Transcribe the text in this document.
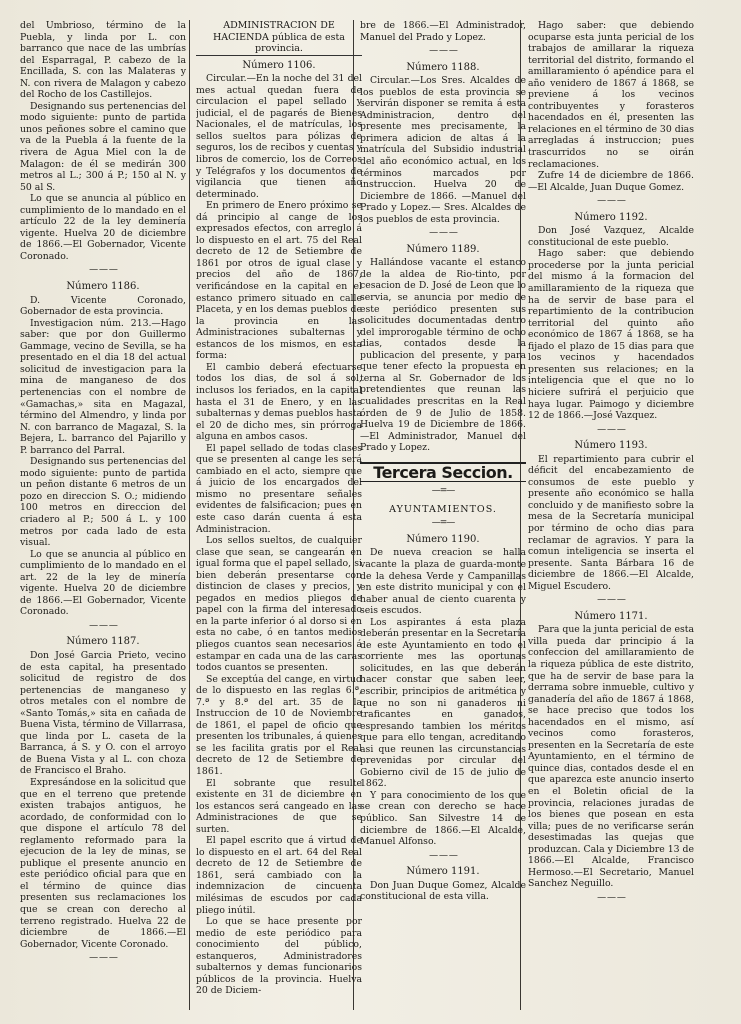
del Umbrioso, término de la Puebla, y linda por L. con barranco que nace de las umbrías del Esparragal, P. cabezo de la Encillada, S. con las Malateras y N. con rivera de Malagon y cabezo del Rocho de los Castillejos.

Designando sus pertenencias del modo siguiente: punto de partida unos peñones sobre el camino que va de la Puebla á la fuente de la rivera de Agua Miel con la de Malagon: de él se medirán 300 metros al L.; 300 á P.; 150 al N. y 50 al S.

Lo que se anuncia al público en cumplimiento de lo mandado en el artículo 22 de la ley deminería vigente. Huelva 20 de diciembre de 1866.—El Gobernador, Vicente Coronado.

— — —
Número 1186.

D. Vicente Coronado, Gobernador de esta provincia.

Investigacion núm. 213.—Hago saber: que por don Guillermo Gammage, vecino de Sevilla, se ha presentado en el dia 18 del actual solicitud de investigacion para la mina de manganeso de dos pertenencias con el nombre de «Gamachas,» sita en Magazal, término del Almendro, y linda por N. con barranco de Magazal, S. la Bejera, L. barranco del Pajarillo y P. barranco del Parral.

Designando sus pertenencias del modo siguiente: punto de partida un peñon distante 6 metros de un pozo en direccion S. O.; midiendo 100 metros en direccion del criadero al P.; 500 á L. y 100 metros por cada lado de esta visual.

Lo que se anuncia al público en cumplimiento de lo mandado en el art. 22 de la ley de minería vigente. Huelva 20 de diciembre de 1866.—El Gobernador, Vicente Coronado.

— — —
Número 1187.

Don José Garcia Prieto, vecino de esta capital, ha presentado solicitud de registro de dos pertenencias de manganeso y otros metales con el nombre de «Santo Tomás,» sita en cañada de Buena Vista, término de Villarrasa, que linda por L. caseta de la Barranca, á S. y O. con el arroyo de Buena Vista y al L. con choza de Francisco el Braho.

Expresándose en la solicitud que que en el terreno que pretende existen trabajos antiguos, he acordado, de conformidad con lo que dispone el artículo 78 del reglamento reformado para la ejecucion de la ley de minas, se publique el presente anuncio en este periódico oficial para que en el término de quince dias presenten sus reclamaciones los que se crean con derecho al terreno registrado. Huelva 22 de diciembre de 1866.—El Gobernador, Vicente Coronado.

— — —
ADMINISTRACION DE HACIENDA pública de esta provincia.
Número 1106.

Circular.—En la noche del 31 del mes actual quedan fuera de circulacion el papel sellado y judicial, el de pagarés de Bienes Nacionales, el de matrículas, los sellos sueltos para pólizas de seguros, los de recibos y cuentas y libros de comercio, los de Correos y Telégrafos y los documentos de vigilancia que tienen año determinado.

En primero de Enero próximo se dá principio al cange de los expresados efectos, con arreglo á lo dispuesto en el art. 75 del Real decreto de 12 de Setiembre de 1861 por otros de igual clase y precios del año de 1867, verificándose en la capital en el estanco primero situado en calle Placeta, y en los demas pueblos de la provincia en las Administraciones subalternas y estancos de los mismos, en esta forma:

El cambio deberá efectuarse todos los dias, de sol á sol, inclusos los feriados, en la capital hasta el 31 de Enero, y en las subalternas y demas pueblos hasta el 20 de dicho mes, sin prórroga alguna en ambos casos.

El papel sellado de todas clases que se presenten al cange les será cambiado en el acto, siempre que á juicio de los encargados del mismo no presentare señales evidentes de falsificacion; pues en este caso darán cuenta á esta Administracion.

Los sellos sueltos, de cualquier clase que sean, se cangearán en igual forma que el papel sellado, si bien deberán presentarse con distincion de clases y precios, y pegados en medios pliegos de papel con la firma del interesado en la parte inferior ó al dorso si en esta no cabe, ó en tantos medios pliegos cuantos sean necesarios á estampar en cada una de las caras todos cuantos se presenten.

Se exceptúa del cange, en virtud de lo dispuesto en las reglas 6.ª, 7.ª y 8.ª del art. 35 de la Instruccion de 10 de Noviembre de 1861, el papel de oficio que presenten los tribunales, á quienes se les facilita gratis por el Real decreto de 12 de Setiembre de 1861.

El sobrante que resulte existente en 31 de diciembre en los estancos será cangeado en las Administraciones de que se surten.

El papel escrito que á virtud de lo dispuesto en el art. 64 del Real decreto de 12 de Setiembre de 1861, será cambiado con la indemnizacion de cincuenta milésimas de escudos por cada pliego inútil.

Lo que se hace presente por medio de este periódico para conocimiento del público, estanqueros, Administradores subalternos y demas funcionarios públicos de la provincia. Huelva 20 de Diciem-

bre de 1866.—El Administrador, Manuel del Prado y Lopez.

— — —
Número 1188.

Circular.—Los Sres. Alcaldes de los pueblos de esta provincia se servirán disponer se remita á esta Administracion, dentro del presente mes precisamente, la primera adicion de altas á la matrícula del Subsidio industrial del año económico actual, en los términos marcados por instruccion. Huelva 20 de Diciembre de 1866. —Manuel del Prado y Lopez.— Sres. Alcaldes de los pueblos de esta provincia.

— — —
Número 1189.

Hallándose vacante el estanco de la aldea de Rio-tinto, por cesacion de D. José de Leon que lo servia, se anuncia por medio de este periódico presenten sus solicitudes documentadas dentro del improrogable término de ocho dias, contados desde la publicacion del presente, y para que tener efecto la propuesta en terna al Sr. Gobernador de los pretendientes que reunan las cualidades prescritas en la Real órden de 9 de Julio de 1858. Huelva 19 de Diciembre de 1866. —El Administrador, Manuel del Prado y Lopez.

Tercera Seccion.
—=—
AYUNTAMIENTOS.
—=—
Número 1190.

De nueva creacion se halla vacante la plaza de guarda-monte de la dehesa Verde y Campanillas en este distrito municipal y con el haber anual de ciento cuarenta y seis escudos.

Los aspirantes á esta plaza deberán presentar en la Secretaría de este Ayuntamiento en todo el corriente mes las oportunas solicitudes, en las que deberán hacer constar que saben leer, escribir, principios de aritmética y que no son ni ganaderos ni traficantes en ganados, espresando tambien los méritos que para ello tengan, acreditando asi que reunen las circunstancias prevenidas por circular del Gobierno civil de 15 de julio de 1862.

Y para conocimiento de los que se crean con derecho se hace público. San Silvestre 14 de diciembre de 1866.—El Alcalde, Manuel Alfonso.

— — —
Número 1191.

Don Juan Duque Gomez, Alcalde constitucional de esta villa.

Hago saber: que debiendo ocuparse esta junta pericial de los trabajos de amillarar la riqueza territorial del distrito, formando el amillaramiento ó apéndice para el año venidero de 1867 á 1868, se previene á los vecinos contribuyentes y forasteros hacendados en él, presenten las relaciones en el término de 30 dias arregladas á instruccion; pues trascurridos no se oirán reclamaciones.

Zufre 14 de diciembre de 1866. —El Alcalde, Juan Duque Gomez.

— — —
Número 1192.

Don José Vazquez, Alcalde constitucional de este pueblo.

Hago saber: que debiendo procederse por la junta pericial del mismo á la formacion del amillaramiento de la riqueza que ha de servir de base para el repartimiento de la contribucion territorial del quinto año económico de 1867 á 1868, se ha fijado el plazo de 15 dias para que los vecinos y hacendados presenten sus relaciones; en la inteligencia que el que no lo hiciere sufrirá el perjuicio que haya lugar. Paimogo y diciembre 12 de 1866.—José Vazquez.

— — —
Número 1193.

El repartimiento para cubrir el déficit del encabezamiento de consumos de este pueblo y presente año económico se halla concluido y de manifiesto sobre la mesa de la Secretaría municipal por término de ocho dias para reclamar de agravios. Y para la comun inteligencia se inserta el presente. Santa Bárbara 16 de diciembre de 1866.—El Alcalde, Miguel Escudero.

— — —
Número 1171.

Para que la junta pericial de esta villa pueda dar principio á la confeccion del amillaramiento de la riqueza pública de este distrito, que ha de servir de base para la derrama sobre inmueble, cultivo y ganadería del año de 1867 á 1868, se hace preciso que todos los hacendados en el mismo, así vecinos como forasteros, presenten en la Secretaría de este Ayuntamiento, en el término de quince dias, contados desde el en que aparezca este anuncio inserto en el Boletin oficial de la provincia, relaciones juradas de los bienes que posean en esta villa; pues de no verificarse serán desestimadas las quejas que produzcan. Cala y Diciembre 13 de 1866.—El Alcalde, Francisco Hermoso.—El Secretario, Manuel Sanchez Neguillo.

— — —
